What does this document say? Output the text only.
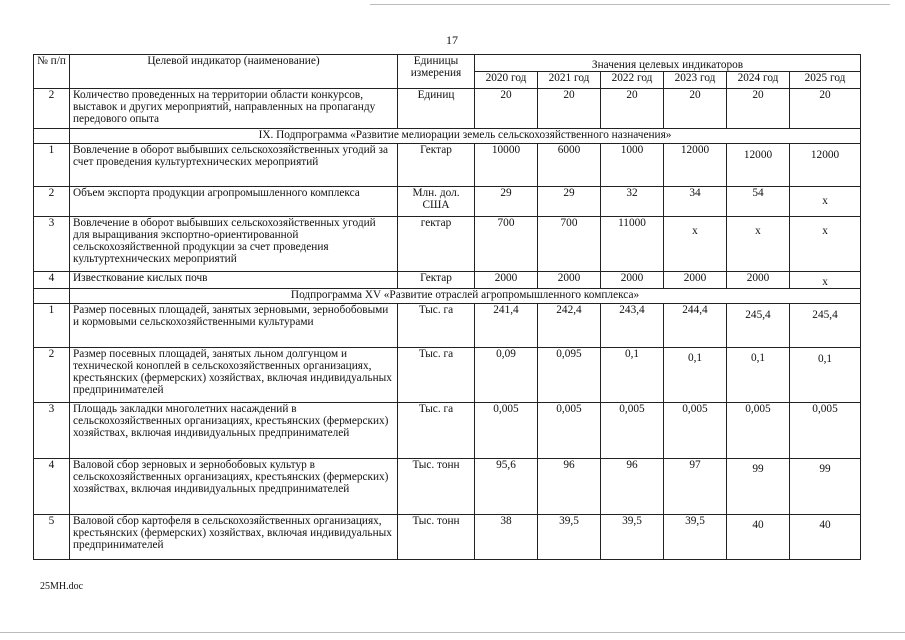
17
№ п/п	Целевой индикатор (наименование)	Единицы измерения	Значения целевых индикаторов					
			2020 год	2021 год	2022 год	2023 год	2024 год	2025 год
2	Количество проведенных на территории области конкурсов, выставок и других мероприятий, направленных на пропаганду передового опыта	Единиц	20	20	20	20	20	20
	IX. Подпрограмма «Развитие мелиорации земель сельскохозяйственного назначения»							
1	Вовлечение в оборот выбывших сельскохозяйственных угодий за счет проведения культуртехнических мероприятий	Гектар	10000	6000	1000	12000	12000	12000
2	Объем экспорта продукции агропромышленного комплекса	Млн. дол. США	29	29	32	34	54	x
3	Вовлечение в оборот выбывших сельскохозяйственных угодий для выращивания экспортно-ориентированной сельскохозяйственной продукции за счет проведения культуртехнических мероприятий	гектар	700	700	11000	x	x	x
4	Известкование кислых почв	Гектар	2000	2000	2000	2000	2000	x
	Подпрограмма XV «Развитие отраслей агропромышленного комплекса»							
1	Размер посевных площадей, занятых зерновыми, зернобобовыми и кормовыми сельскохозяйственными культурами	Тыс. га	241,4	242,4	243,4	244,4	245,4	245,4
2	Размер посевных площадей, занятых льном долгунцом и технической коноплей в сельскохозяйственных организациях, крестьянских (фермерских) хозяйствах, включая индивидуальных предпринимателей	Тыс. га	0,09	0,095	0,1	0,1	0,1	0,1
3	Площадь закладки многолетних насаждений в сельскохозяйственных организациях, крестьянских (фермерских) хозяйствах, включая индивидуальных предпринимателей	Тыс. га	0,005	0,005	0,005	0,005	0,005	0,005
4	Валовой сбор зерновых и зернобобовых культур в сельскохозяйственных организациях, крестьянских (фермерских) хозяйствах, включая индивидуальных предпринимателей	Тыс. тонн	95,6	96	96	97	99	99
5	Валовой сбор картофеля в сельскохозяйственных организациях, крестьянских (фермерских) хозяйствах, включая индивидуальных предпринимателей	Тыс. тонн	38	39,5	39,5	39,5	40	40
25МН.doc
